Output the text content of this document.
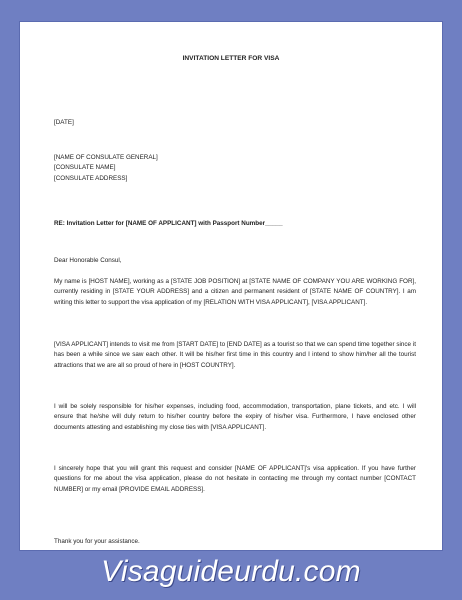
INVITATION LETTER FOR VISA
[DATE]
[NAME OF CONSULATE GENERAL]
[CONSULATE NAME]
[CONSULATE ADDRESS]
RE: Invitation Letter for [NAME OF APPLICANT] with Passport Number_____
Dear Honorable Consul,
My name is [HOST NAME], working as a [STATE JOB POSITION] at [STATE NAME OF COMPANY YOU ARE WORKING FOR], currently residing in [STATE YOUR ADDRESS] and a citizen and permanent resident of [STATE NAME OF COUNTRY]. I am writing this letter to support the visa application of my [RELATION WITH VISA APPLICANT], [VISA APPLICANT].
[VISA APPLICANT] intends to visit me from [START DATE] to [END DATE] as a tourist so that we can spend time together since it has been a while since we saw each other. It will be his/her first time in this country and I intend to show him/her all the tourist attractions that we are all so proud of here in [HOST COUNTRY].
I will be solely responsible for his/her expenses, including food, accommodation, transportation, plane tickets, and etc. I will ensure that he/she will duly return to his/her country before the expiry of his/her visa. Furthermore, I have enclosed other documents attesting and establishing my close ties with [VISA APPLICANT].
I sincerely hope that you will grant this request and consider [NAME OF APPLICANT]'s visa application. If you have further questions for me about the visa application, please do not hesitate in contacting me through my contact number [CONTACT NUMBER] or my email [PROVIDE EMAIL ADDRESS].
Thank you for your assistance.
Visaguideurdu.com
